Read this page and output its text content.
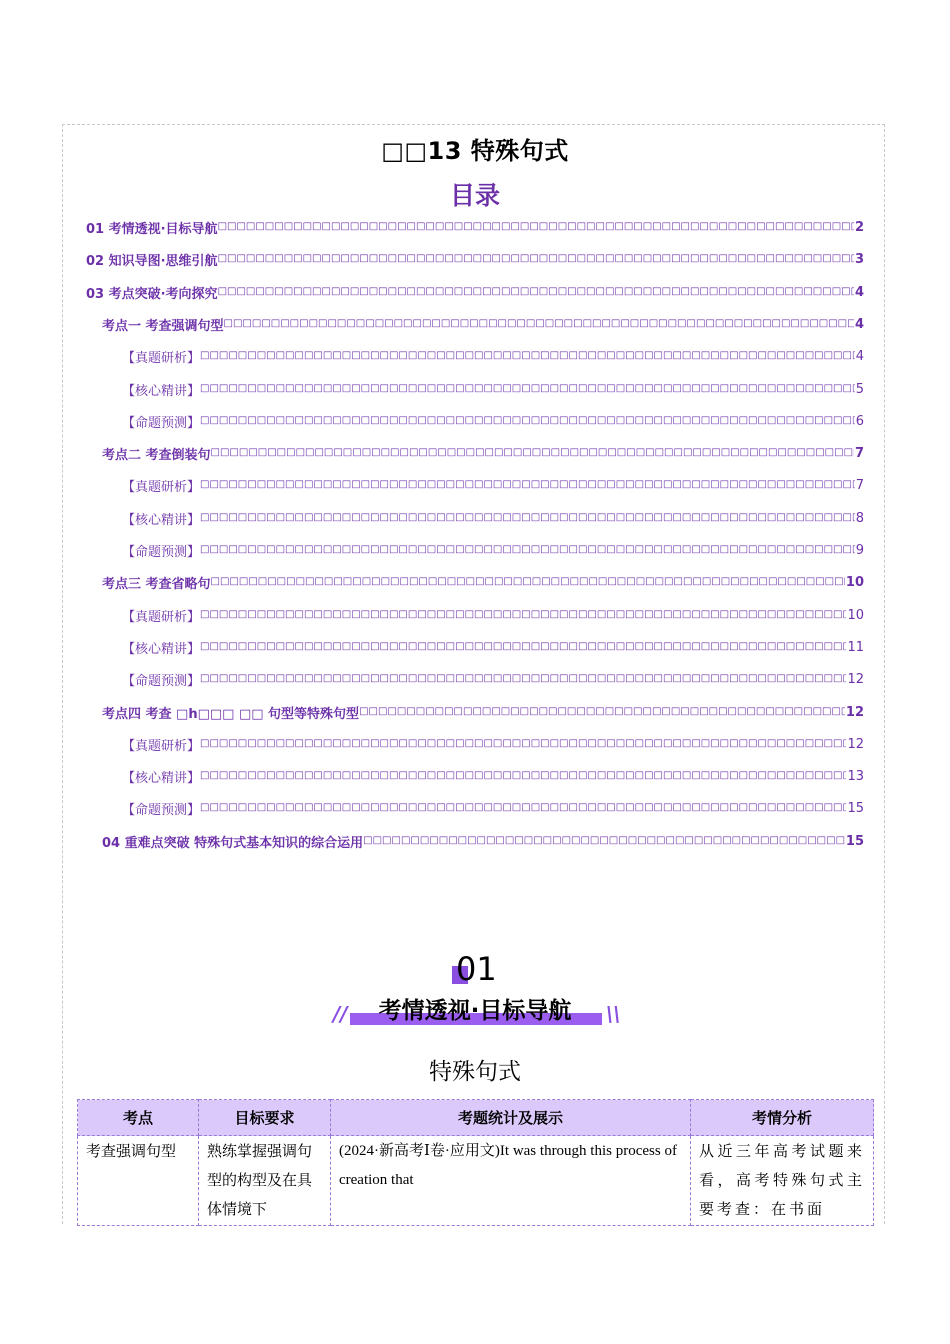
□□13 特殊句式
目录
01 考情透视·目标导航 □□□□□□□□□□□□□□□□□□□□□□□□□□□□□□□□□□□□□□□□□□□□□□□□□□□□□□□□□□□□□□□□□□□□□□□□□□□□□□□□□□□□□□□□□□□□□□□□□□□□□□□□□□□□□□□□□□□□□□□□□□□□□□□□□□□	2
02 知识导图·思维引航 □□□□□□□□□□□□□□□□□□□□□□□□□□□□□□□□□□□□□□□□□□□□□□□□□□□□□□□□□□□□□□□□□□□□□□□□□□□□□□□□□□□□□□□□□□□□□□□□□□□□□□□□□□□□□□□□□□□□□□□□□□□□□□□□□□□	3
03 考点突破·考向探究 □□□□□□□□□□□□□□□□□□□□□□□□□□□□□□□□□□□□□□□□□□□□□□□□□□□□□□□□□□□□□□□□□□□□□□□□□□□□□□□□□□□□□□□□□□□□□□□□□□□□□□□□□□□□□□□□□□□□□□□□□□□□□□□□□□□	4
考点一 考查强调句型 □□□□□□□□□□□□□□□□□□□□□□□□□□□□□□□□□□□□□□□□□□□□□□□□□□□□□□□□□□□□□□□□□□□□□□□□□□□□□□□□□□□□□□□□□□□□□□□□□□□□□□□□□□□□□□□□□□□□□□□□□□□□□□□□□□□	4
【真题研析】 □□□□□□□□□□□□□□□□□□□□□□□□□□□□□□□□□□□□□□□□□□□□□□□□□□□□□□□□□□□□□□□□□□□□□□□□□□□□□□□□□□□□□□□□□□□□□□□□□□□□□□□□□□□□□□□□□□□□□□□□□□□□□□□□□□□	4
【核心精讲】 □□□□□□□□□□□□□□□□□□□□□□□□□□□□□□□□□□□□□□□□□□□□□□□□□□□□□□□□□□□□□□□□□□□□□□□□□□□□□□□□□□□□□□□□□□□□□□□□□□□□□□□□□□□□□□□□□□□□□□□□□□□□□□□□□□□	5
【命题预测】 □□□□□□□□□□□□□□□□□□□□□□□□□□□□□□□□□□□□□□□□□□□□□□□□□□□□□□□□□□□□□□□□□□□□□□□□□□□□□□□□□□□□□□□□□□□□□□□□□□□□□□□□□□□□□□□□□□□□□□□□□□□□□□□□□□□	6
考点二 考查倒装句 □□□□□□□□□□□□□□□□□□□□□□□□□□□□□□□□□□□□□□□□□□□□□□□□□□□□□□□□□□□□□□□□□□□□□□□□□□□□□□□□□□□□□□□□□□□□□□□□□□□□□□□□□□□□□□□□□□□□□□□□□□□□□□□□□□□	7
【真题研析】 □□□□□□□□□□□□□□□□□□□□□□□□□□□□□□□□□□□□□□□□□□□□□□□□□□□□□□□□□□□□□□□□□□□□□□□□□□□□□□□□□□□□□□□□□□□□□□□□□□□□□□□□□□□□□□□□□□□□□□□□□□□□□□□□□□□	7
【核心精讲】 □□□□□□□□□□□□□□□□□□□□□□□□□□□□□□□□□□□□□□□□□□□□□□□□□□□□□□□□□□□□□□□□□□□□□□□□□□□□□□□□□□□□□□□□□□□□□□□□□□□□□□□□□□□□□□□□□□□□□□□□□□□□□□□□□□□	8
【命题预测】 □□□□□□□□□□□□□□□□□□□□□□□□□□□□□□□□□□□□□□□□□□□□□□□□□□□□□□□□□□□□□□□□□□□□□□□□□□□□□□□□□□□□□□□□□□□□□□□□□□□□□□□□□□□□□□□□□□□□□□□□□□□□□□□□□□□	9
考点三 考查省略句 □□□□□□□□□□□□□□□□□□□□□□□□□□□□□□□□□□□□□□□□□□□□□□□□□□□□□□□□□□□□□□□□□□□□□□□□□□□□□□□□□□□□□□□□□□□□□□□□□□□□□□□□□□□□□□□□□□□□□□□□□□□□□□□□□□□	10
【真题研析】 □□□□□□□□□□□□□□□□□□□□□□□□□□□□□□□□□□□□□□□□□□□□□□□□□□□□□□□□□□□□□□□□□□□□□□□□□□□□□□□□□□□□□□□□□□□□□□□□□□□□□□□□□□□□□□□□□□□□□□□□□□□□□□□□□□□	10
【核心精讲】 □□□□□□□□□□□□□□□□□□□□□□□□□□□□□□□□□□□□□□□□□□□□□□□□□□□□□□□□□□□□□□□□□□□□□□□□□□□□□□□□□□□□□□□□□□□□□□□□□□□□□□□□□□□□□□□□□□□□□□□□□□□□□□□□□□□	11
【命题预测】 □□□□□□□□□□□□□□□□□□□□□□□□□□□□□□□□□□□□□□□□□□□□□□□□□□□□□□□□□□□□□□□□□□□□□□□□□□□□□□□□□□□□□□□□□□□□□□□□□□□□□□□□□□□□□□□□□□□□□□□□□□□□□□□□□□□	12
考点四 考查 □h□□□ □□ 句型等特殊句型 □□□□□□□□□□□□□□□□□□□□□□□□□□□□□□□□□□□□□□□□□□□□□□□□□□□□□□□□□□□□□□□□□□□□□□□□□□□□□□□□□□□□□□□□□□□□□□□□□□□□□□□□□□□□□□□□□□□□□□□□□□□□□□□□□□□	12
【真题研析】 □□□□□□□□□□□□□□□□□□□□□□□□□□□□□□□□□□□□□□□□□□□□□□□□□□□□□□□□□□□□□□□□□□□□□□□□□□□□□□□□□□□□□□□□□□□□□□□□□□□□□□□□□□□□□□□□□□□□□□□□□□□□□□□□□□□	12
【核心精讲】 □□□□□□□□□□□□□□□□□□□□□□□□□□□□□□□□□□□□□□□□□□□□□□□□□□□□□□□□□□□□□□□□□□□□□□□□□□□□□□□□□□□□□□□□□□□□□□□□□□□□□□□□□□□□□□□□□□□□□□□□□□□□□□□□□□□	13
【命题预测】 □□□□□□□□□□□□□□□□□□□□□□□□□□□□□□□□□□□□□□□□□□□□□□□□□□□□□□□□□□□□□□□□□□□□□□□□□□□□□□□□□□□□□□□□□□□□□□□□□□□□□□□□□□□□□□□□□□□□□□□□□□□□□□□□□□□	15
04 重难点突破 特殊句式基本知识的综合运用 □□□□□□□□□□□□□□□□□□□□□□□□□□□□□□□□□□□□□□□□□□□□□□□□□□□□□□□□□□□□□□□□□□□□□□□□□□□□□□□□□□□□□□□□□□□□□□□□□□□□□□□□□□□□□□□□□□□□□□□□□□□□□□□□□□□	15
01
//	考情透视·目标导航	\\
特殊句式
考点	目标要求	考题统计及展示	考情分析
考查强调句型	熟练掌握强调句型的构型及在具体情境下	(2024·新高考Ⅰ卷·应用文)It was through this process of creation that	从近三年高考试题来看，高考特殊句式主要考查：在书面
